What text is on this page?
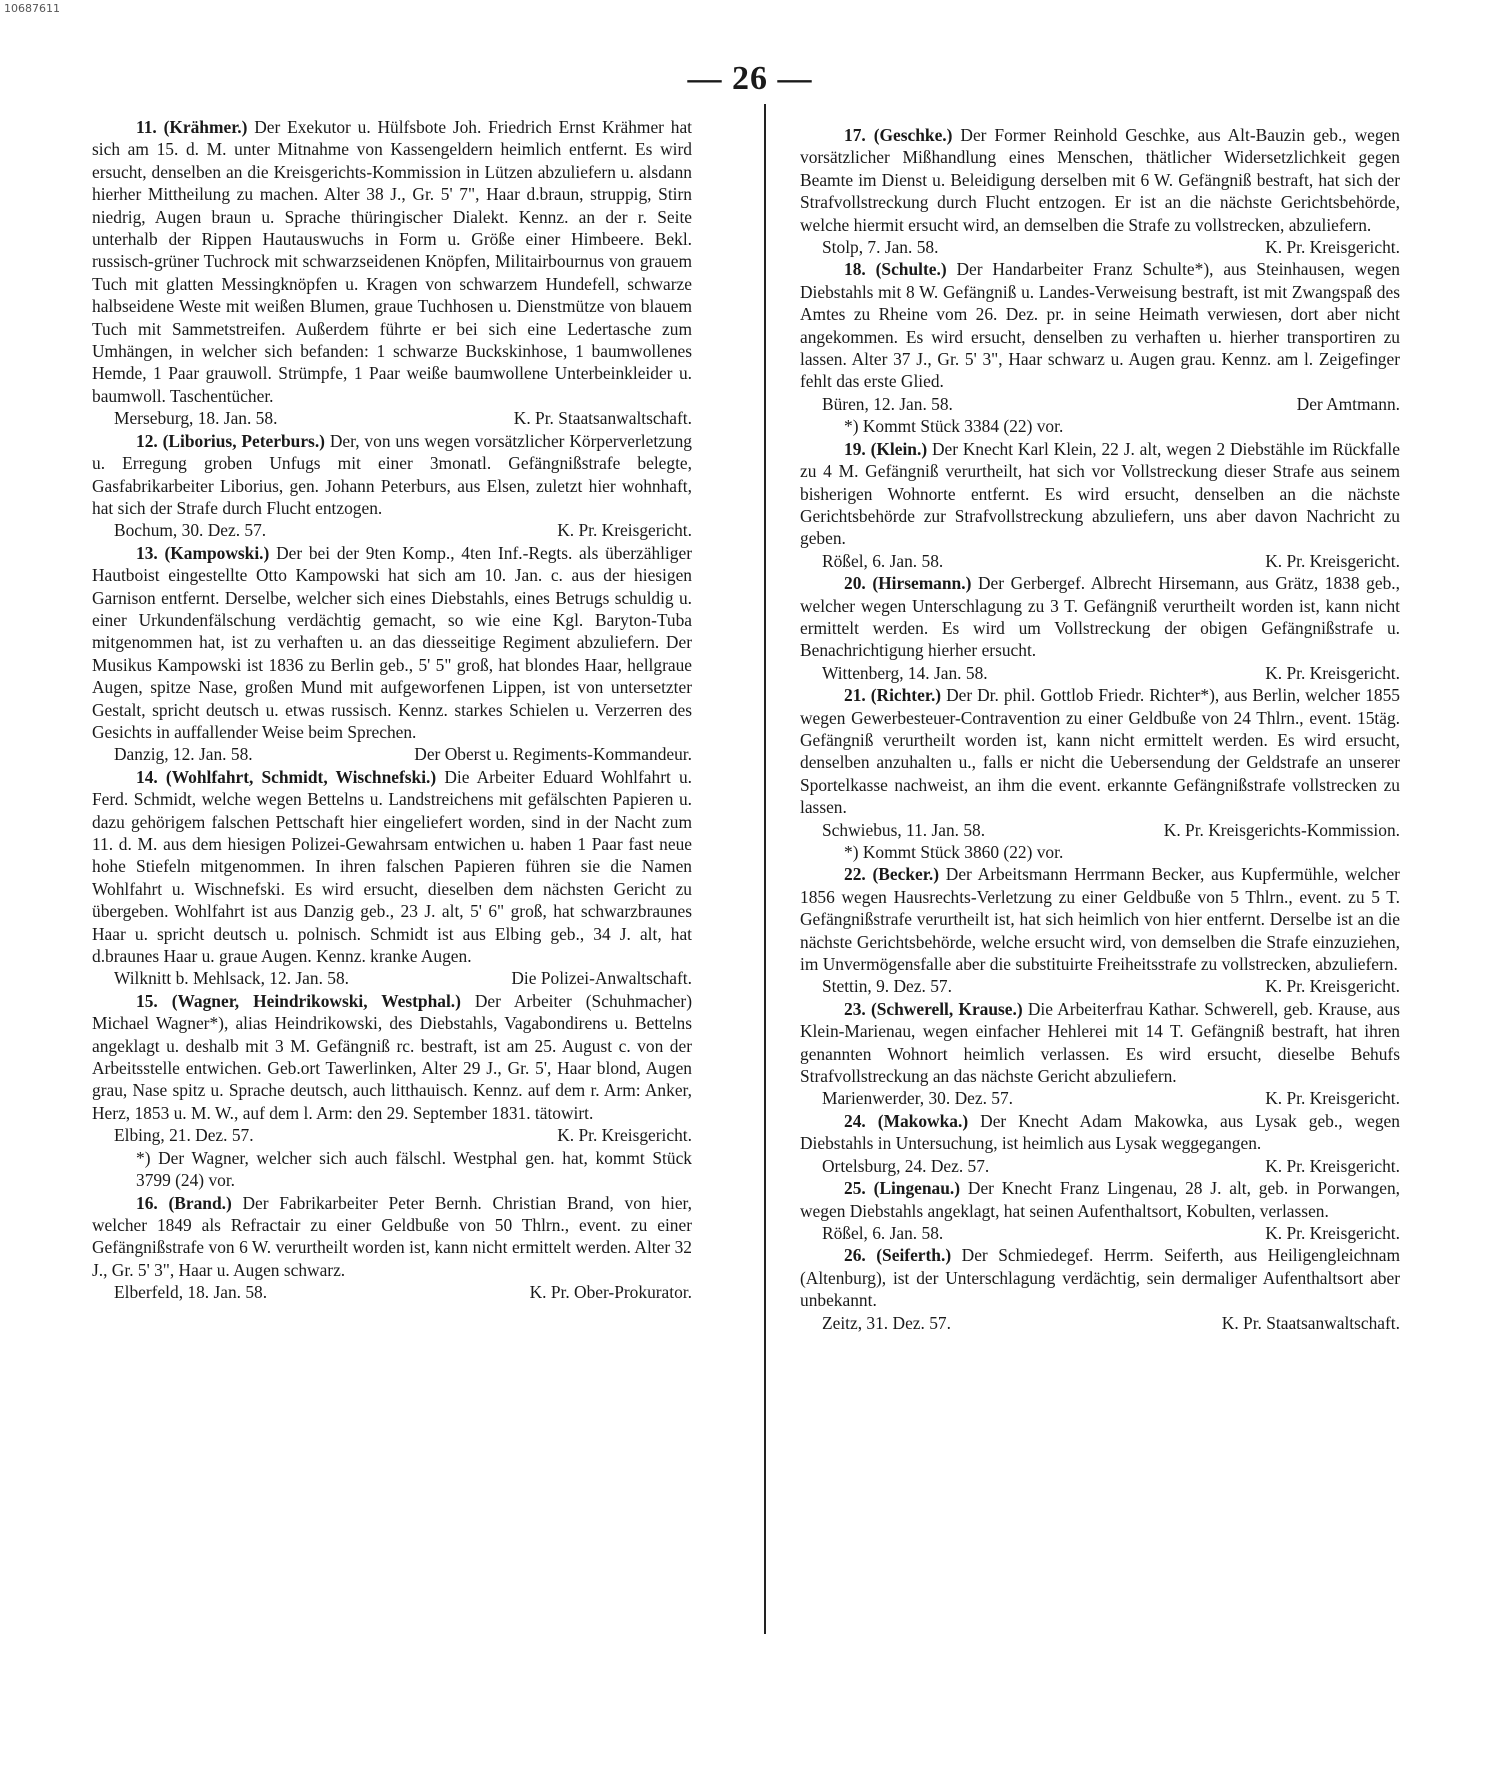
10687611
— 26 —

11. (Krähmer.) Der Exekutor u. Hülfsbote Joh. Friedrich Ernst Krähmer hat sich am 15. d. M. unter Mitnahme von Kassengeldern heimlich entfernt. Es wird ersucht, denselben an die Kreisgerichts-Kommission in Lützen abzuliefern u. alsdann hierher Mittheilung zu machen. Alter 38 J., Gr. 5' 7", Haar d.braun, struppig, Stirn niedrig, Augen braun u. Sprache thüringischer Dialekt. Kennz. an der r. Seite unterhalb der Rippen Hautauswuchs in Form u. Größe einer Himbeere. Bekl. russisch-grüner Tuchrock mit schwarzseidenen Knöpfen, Militairbournus von grauem Tuch mit glatten Messingknöpfen u. Kragen von schwarzem Hundefell, schwarze halbseidene Weste mit weißen Blumen, graue Tuchhosen u. Dienstmütze von blauem Tuch mit Sammetstreifen. Außerdem führte er bei sich eine Ledertasche zum Umhängen, in welcher sich befanden: 1 schwarze Buckskinhose, 1 baumwollenes Hemde, 1 Paar grauwoll. Strümpfe, 1 Paar weiße baumwollene Unterbeinkleider u. baumwoll. Taschentücher.

Merseburg, 18. Jan. 58.	K. Pr. Staatsanwaltschaft.

12. (Liborius, Peterburs.) Der, von uns wegen vorsätzlicher Körperverletzung u. Erregung groben Unfugs mit einer 3monatl. Gefängnißstrafe belegte, Gasfabrikarbeiter Liborius, gen. Johann Peterburs, aus Elsen, zuletzt hier wohnhaft, hat sich der Strafe durch Flucht entzogen.

Bochum, 30. Dez. 57.	K. Pr. Kreisgericht.

13. (Kampowski.) Der bei der 9ten Komp., 4ten Inf.-Regts. als überzähliger Hautboist eingestellte Otto Kampowski hat sich am 10. Jan. c. aus der hiesigen Garnison entfernt. Derselbe, welcher sich eines Diebstahls, eines Betrugs schuldig u. einer Urkundenfälschung verdächtig gemacht, so wie eine Kgl. Baryton-Tuba mitgenommen hat, ist zu verhaften u. an das diesseitige Regiment abzuliefern. Der Musikus Kampowski ist 1836 zu Berlin geb., 5' 5" groß, hat blondes Haar, hellgraue Augen, spitze Nase, großen Mund mit aufgeworfenen Lippen, ist von untersetzter Gestalt, spricht deutsch u. etwas russisch. Kennz. starkes Schielen u. Verzerren des Gesichts in auffallender Weise beim Sprechen.

Danzig, 12. Jan. 58.	Der Oberst u. Regiments-Kommandeur.

14. (Wohlfahrt, Schmidt, Wischnefski.) Die Arbeiter Eduard Wohlfahrt u. Ferd. Schmidt, welche wegen Bettelns u. Landstreichens mit gefälschten Papieren u. dazu gehörigem falschen Pettschaft hier eingeliefert worden, sind in der Nacht zum 11. d. M. aus dem hiesigen Polizei-Gewahrsam entwichen u. haben 1 Paar fast neue hohe Stiefeln mitgenommen. In ihren falschen Papieren führen sie die Namen Wohlfahrt u. Wischnefski. Es wird ersucht, dieselben dem nächsten Gericht zu übergeben. Wohlfahrt ist aus Danzig geb., 23 J. alt, 5' 6" groß, hat schwarzbraunes Haar u. spricht deutsch u. polnisch. Schmidt ist aus Elbing geb., 34 J. alt, hat d.braunes Haar u. graue Augen. Kennz. kranke Augen.

Wilknitt b. Mehlsack, 12. Jan. 58.	Die Polizei-Anwaltschaft.

15. (Wagner, Heindrikowski, Westphal.) Der Arbeiter (Schuhmacher) Michael Wagner*), alias Heindrikowski, des Diebstahls, Vagabondirens u. Bettelns angeklagt u. deshalb mit 3 M. Gefängniß rc. bestraft, ist am 25. August c. von der Arbeitsstelle entwichen. Geb.ort Tawerlinken, Alter 29 J., Gr. 5', Haar blond, Augen grau, Nase spitz u. Sprache deutsch, auch litthauisch. Kennz. auf dem r. Arm: Anker, Herz, 1853 u. M. W., auf dem l. Arm: den 29. September 1831. tätowirt.

Elbing, 21. Dez. 57.	K. Pr. Kreisgericht.
*) Der Wagner, welcher sich auch fälschl. Westphal gen. hat, kommt Stück 3799 (24) vor.

16. (Brand.) Der Fabrikarbeiter Peter Bernh. Christian Brand, von hier, welcher 1849 als Refractair zu einer Geldbuße von 50 Thlrn., event. zu einer Gefängnißstrafe von 6 W. verurtheilt worden ist, kann nicht ermittelt werden. Alter 32 J., Gr. 5' 3", Haar u. Augen schwarz.

Elberfeld, 18. Jan. 58.	K. Pr. Ober-Prokurator.

17. (Geschke.) Der Former Reinhold Geschke, aus Alt-Bauzin geb., wegen vorsätzlicher Mißhandlung eines Menschen, thätlicher Widersetzlichkeit gegen Beamte im Dienst u. Beleidigung derselben mit 6 W. Gefängniß bestraft, hat sich der Strafvollstreckung durch Flucht entzogen. Er ist an die nächste Gerichtsbehörde, welche hiermit ersucht wird, an demselben die Strafe zu vollstrecken, abzuliefern.

Stolp, 7. Jan. 58.	K. Pr. Kreisgericht.

18. (Schulte.) Der Handarbeiter Franz Schulte*), aus Steinhausen, wegen Diebstahls mit 8 W. Gefängniß u. Landes-Verweisung bestraft, ist mit Zwangspaß des Amtes zu Rheine vom 26. Dez. pr. in seine Heimath verwiesen, dort aber nicht angekommen. Es wird ersucht, denselben zu verhaften u. hierher transportiren zu lassen. Alter 37 J., Gr. 5' 3", Haar schwarz u. Augen grau. Kennz. am l. Zeigefinger fehlt das erste Glied.

Büren, 12. Jan. 58.	Der Amtmann.
*) Kommt Stück 3384 (22) vor.

19. (Klein.) Der Knecht Karl Klein, 22 J. alt, wegen 2 Diebstähle im Rückfalle zu 4 M. Gefängniß verurtheilt, hat sich vor Vollstreckung dieser Strafe aus seinem bisherigen Wohnorte entfernt. Es wird ersucht, denselben an die nächste Gerichtsbehörde zur Strafvollstreckung abzuliefern, uns aber davon Nachricht zu geben.

Rößel, 6. Jan. 58.	K. Pr. Kreisgericht.

20. (Hirsemann.) Der Gerbergef. Albrecht Hirsemann, aus Grätz, 1838 geb., welcher wegen Unterschlagung zu 3 T. Gefängniß verurtheilt worden ist, kann nicht ermittelt werden. Es wird um Vollstreckung der obigen Gefängnißstrafe u. Benachrichtigung hierher ersucht.

Wittenberg, 14. Jan. 58.	K. Pr. Kreisgericht.

21. (Richter.) Der Dr. phil. Gottlob Friedr. Richter*), aus Berlin, welcher 1855 wegen Gewerbesteuer-Contravention zu einer Geldbuße von 24 Thlrn., event. 15täg. Gefängniß verurtheilt worden ist, kann nicht ermittelt werden. Es wird ersucht, denselben anzuhalten u., falls er nicht die Uebersendung der Geldstrafe an unserer Sportelkasse nachweist, an ihm die event. erkannte Gefängnißstrafe vollstrecken zu lassen.

Schwiebus, 11. Jan. 58.	K. Pr. Kreisgerichts-Kommission.
*) Kommt Stück 3860 (22) vor.

22. (Becker.) Der Arbeitsmann Herrmann Becker, aus Kupfermühle, welcher 1856 wegen Hausrechts-Verletzung zu einer Geldbuße von 5 Thlrn., event. zu 5 T. Gefängnißstrafe verurtheilt ist, hat sich heimlich von hier entfernt. Derselbe ist an die nächste Gerichtsbehörde, welche ersucht wird, von demselben die Strafe einzuziehen, im Unvermögensfalle aber die substituirte Freiheitsstrafe zu vollstrecken, abzuliefern.

Stettin, 9. Dez. 57.	K. Pr. Kreisgericht.

23. (Schwerell, Krause.) Die Arbeiterfrau Kathar. Schwerell, geb. Krause, aus Klein-Marienau, wegen einfacher Hehlerei mit 14 T. Gefängniß bestraft, hat ihren genannten Wohnort heimlich verlassen. Es wird ersucht, dieselbe Behufs Strafvollstreckung an das nächste Gericht abzuliefern.

Marienwerder, 30. Dez. 57.	K. Pr. Kreisgericht.

24. (Makowka.) Der Knecht Adam Makowka, aus Lysak geb., wegen Diebstahls in Untersuchung, ist heimlich aus Lysak weggegangen.

Ortelsburg, 24. Dez. 57.	K. Pr. Kreisgericht.

25. (Lingenau.) Der Knecht Franz Lingenau, 28 J. alt, geb. in Porwangen, wegen Diebstahls angeklagt, hat seinen Aufenthaltsort, Kobulten, verlassen.

Rößel, 6. Jan. 58.	K. Pr. Kreisgericht.

26. (Seiferth.) Der Schmiedegef. Herrm. Seiferth, aus Heiligengleichnam (Altenburg), ist der Unterschlagung verdächtig, sein dermaliger Aufenthaltsort aber unbekannt.

Zeitz, 31. Dez. 57.	K. Pr. Staatsanwaltschaft.
